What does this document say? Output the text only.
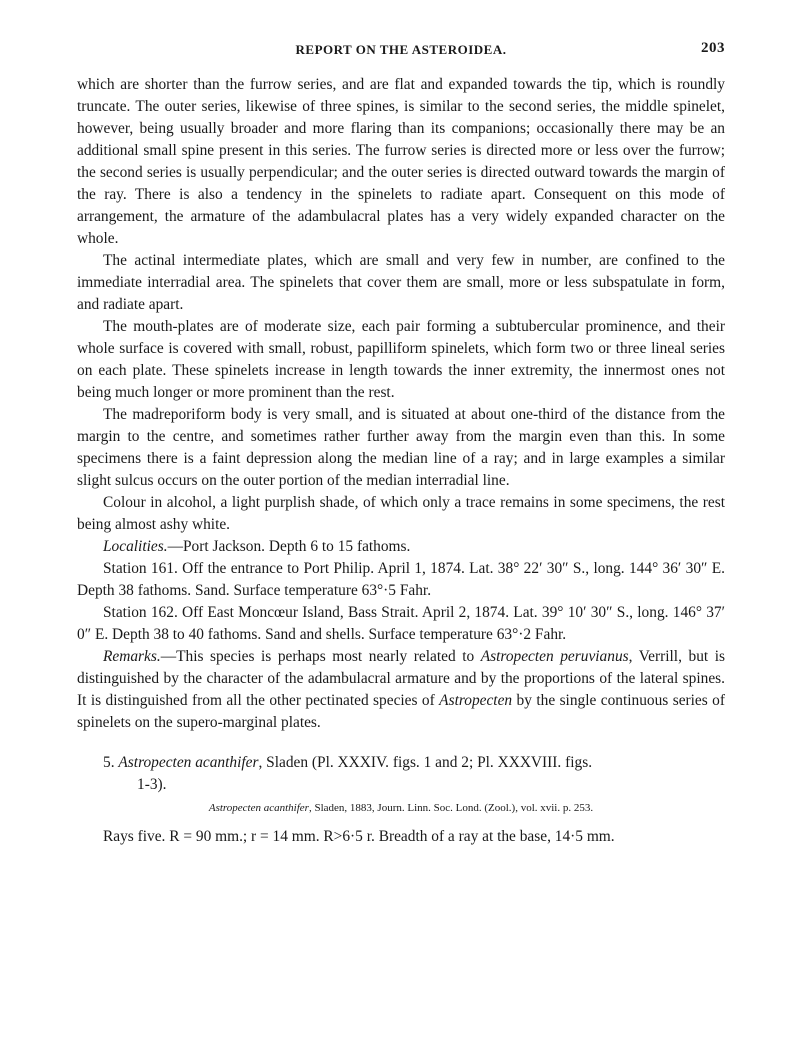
REPORT ON THE ASTEROIDEA.	203

which are shorter than the furrow series, and are flat and expanded towards the tip, which is roundly truncate. The outer series, likewise of three spines, is similar to the second series, the middle spinelet, however, being usually broader and more flaring than its companions; occasionally there may be an additional small spine present in this series. The furrow series is directed more or less over the furrow; the second series is usually perpendicular; and the outer series is directed outward towards the margin of the ray. There is also a tendency in the spinelets to radiate apart. Consequent on this mode of arrangement, the armature of the adambulacral plates has a very widely expanded character on the whole.

The actinal intermediate plates, which are small and very few in number, are confined to the immediate interradial area. The spinelets that cover them are small, more or less subspatulate in form, and radiate apart.

The mouth-plates are of moderate size, each pair forming a subtubercular prominence, and their whole surface is covered with small, robust, papilliform spinelets, which form two or three lineal series on each plate. These spinelets increase in length towards the inner extremity, the innermost ones not being much longer or more prominent than the rest.

The madreporiform body is very small, and is situated at about one-third of the distance from the margin to the centre, and sometimes rather further away from the margin even than this. In some specimens there is a faint depression along the median line of a ray; and in large examples a similar slight sulcus occurs on the outer portion of the median interradial line.

Colour in alcohol, a light purplish shade, of which only a trace remains in some specimens, the rest being almost ashy white.

Localities.—Port Jackson. Depth 6 to 15 fathoms.

Station 161. Off the entrance to Port Philip. April 1, 1874. Lat. 38° 22′ 30″ S., long. 144° 36′ 30″ E. Depth 38 fathoms. Sand. Surface temperature 63°·5 Fahr.

Station 162. Off East Moncœur Island, Bass Strait. April 2, 1874. Lat. 39° 10′ 30″ S., long. 146° 37′ 0″ E. Depth 38 to 40 fathoms. Sand and shells. Surface temperature 63°·2 Fahr.

Remarks.—This species is perhaps most nearly related to Astropecten peruvianus, Verrill, but is distinguished by the character of the adambulacral armature and by the proportions of the lateral spines. It is distinguished from all the other pectinated species of Astropecten by the single continuous series of spinelets on the supero-marginal plates.

5. Astropecten acanthifer, Sladen (Pl. XXXIV. figs. 1 and 2; Pl. XXXVIII. figs.
1-3).
Astropecten acanthifer, Sladen, 1883, Journ. Linn. Soc. Lond. (Zool.), vol. xvii. p. 253.

Rays five. R = 90 mm.; r = 14 mm. R>6·5 r. Breadth of a ray at the base, 14·5 mm.
